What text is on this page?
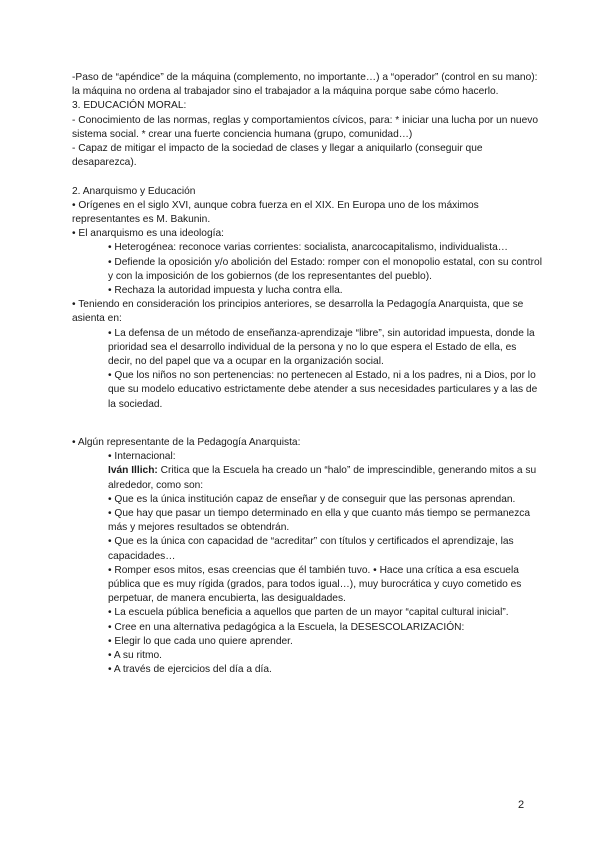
-Paso de “apéndice” de la máquina (complemento, no importante…) a “operador” (control en su mano): la máquina no ordena al trabajador sino el trabajador a la máquina porque sabe cómo hacerlo.

3. EDUCACIÓN MORAL:

- Conocimiento de las normas, reglas y comportamientos cívicos, para: * iniciar una lucha por un nuevo sistema social. * crear una fuerte conciencia humana (grupo, comunidad…)

- Capaz de mitigar el impacto de la sociedad de clases y llegar a aniquilarlo (conseguir que desaparezca).

2. Anarquismo y Educación

• Orígenes en el siglo XVI, aunque cobra fuerza en el XIX. En Europa uno de los máximos representantes es M. Bakunin.

• El anarquismo es una ideología:

• Heterogénea: reconoce varias corrientes: socialista, anarcocapitalismo, individualista…

• Defiende la oposición y/o abolición del Estado: romper con el monopolio estatal, con su control y con la imposición de los gobiernos (de los representantes del pueblo).

• Rechaza la autoridad impuesta y lucha contra ella.

• Teniendo en consideración los principios anteriores, se desarrolla la Pedagogía Anarquista, que se asienta en:

• La defensa de un método de enseñanza-aprendizaje “libre”, sin autoridad impuesta, donde la prioridad sea el desarrollo individual de la persona y no lo que espera el Estado de ella, es decir, no del papel que va a ocupar en la organización social.

• Que los niños no son pertenencias: no pertenecen al Estado, ni a los padres, ni a Dios, por lo que su modelo educativo estrictamente debe atender a sus necesidades particulares y a las de la sociedad.

• Algún representante de la Pedagogía Anarquista:

• Internacional:

Iván Illich: Critica que la Escuela ha creado un “halo” de imprescindible, generando mitos a su alrededor, como son:

• Que es la única institución capaz de enseñar y de conseguir que las personas aprendan.

• Que hay que pasar un tiempo determinado en ella y que cuanto más tiempo se permanezca más y mejores resultados se obtendrán.

• Que es la única con capacidad de “acreditar” con títulos y certificados el aprendizaje, las capacidades…

• Romper esos mitos, esas creencias que él también tuvo. • Hace una crítica a esa escuela pública que es muy rígida (grados, para todos igual…), muy burocrática y cuyo cometido es perpetuar, de manera encubierta, las desigualdades.

• La escuela pública beneficia a aquellos que parten de un mayor “capital cultural inicial”.

• Cree en una alternativa pedagógica a la Escuela, la DESESCOLARIZACIÓN:

• Elegir lo que cada uno quiere aprender.

• A su ritmo.

• A través de ejercicios del día a día.

2
